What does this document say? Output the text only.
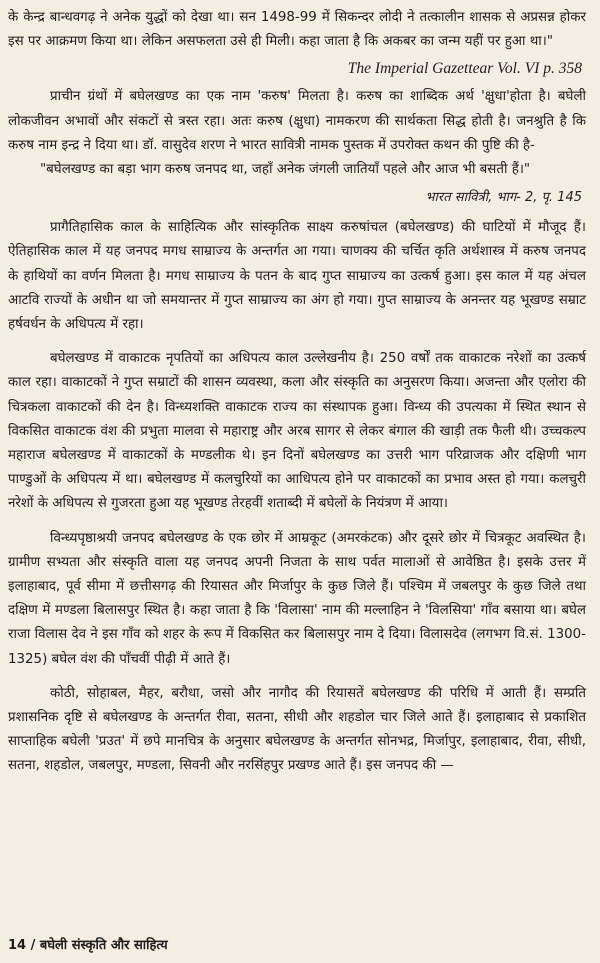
के केन्द्र बान्धवगढ़ ने अनेक युद्धों को देखा था। सन 1498-99 में सिकन्दर लोदी ने तत्कालीन शासक से अप्रसन्न होकर इस पर आक्रमण किया था। लेकिन असफलता उसे ही मिली। कहा जाता है कि अकबर का जन्म यहीं पर हुआ था।"

The Imperial Gazettear Vol. VI p. 358

प्राचीन ग्रंथों में बघेलखण्ड का एक नाम 'करुष' मिलता है। करुष का शाब्दिक अर्थ 'क्षुधा'होता है। बघेली लोकजीवन अभावों और संकटों से त्रस्त रहा। अतः करुष (क्षुधा) नामकरण की सार्थकता सिद्ध होती है। जनश्रुति है कि करुष नाम इन्द्र ने दिया था। डॉ. वासुदेव शरण ने भारत सावित्री नामक पुस्तक में उपरोक्त कथन की पुष्टि की है-

"बघेलखण्ड का बड़ा भाग करुष जनपद था, जहाँ अनेक जंगली जातियाँ पहले और आज भी बसती हैं।"

भारत सावित्री, भाग- 2, पृ. 145

प्रागैतिहासिक काल के साहित्यिक और सांस्कृतिक साक्ष्य करुषांचल (बघेलखण्ड) की घाटियों में मौजूद हैं। ऐतिहासिक काल में यह जनपद मगध साम्राज्य के अन्तर्गत आ गया। चाणक्य की चर्चित कृति अर्थशास्त्र में करुष जनपद के हाथियों का वर्णन मिलता है। मगध साम्राज्य के पतन के बाद गुप्त साम्राज्य का उत्कर्ष हुआ। इस काल में यह अंचल आटवि राज्यों के अधीन था जो समयान्तर में गुप्त साम्राज्य का अंग हो गया। गुप्त साम्राज्य के अनन्तर यह भूखण्ड सम्राट हर्षवर्धन के अधिपत्य में रहा।

बघेलखण्ड में वाकाटक नृपतियों का अधिपत्य काल उल्लेखनीय है। 250 वर्षों तक वाकाटक नरेशों का उत्कर्ष काल रहा। वाकाटकों ने गुप्त सम्राटों की शासन व्यवस्था, कला और संस्कृति का अनुसरण किया। अजन्ता और एलोरा की चित्रकला वाकाटकों की देन है। विन्ध्यशक्ति वाकाटक राज्य का संस्थापक हुआ। विन्ध्य की उपत्यका में स्थित स्थान से विकसित वाकाटक वंश की प्रभुता मालवा से महाराष्ट्र और अरब सागर से लेकर बंगाल की खाड़ी तक फैली थी। उच्चकल्प महाराज बघेलखण्ड में वाकाटकों के मण्डलीक थे। इन दिनों बघेलखण्ड का उत्तरी भाग परिव्राजक और दक्षिणी भाग पाण्डुओं के अधिपत्य में था। बघेलखण्ड में कलचुरियों का आधिपत्य होने पर वाकाटकों का प्रभाव अस्त हो गया। कलचुरी नरेशों के अधिपत्य से गुजरता हुआ यह भूखण्ड तेरहवीं शताब्दी में बघेलों के नियंत्रण में आया।

विन्ध्यपृष्ठाश्रयी जनपद बघेलखण्ड के एक छोर में आम्रकूट (अमरकंटक) और दूसरे छोर में चित्रकूट अवस्थित है। ग्रामीण सभ्यता और संस्कृति वाला यह जनपद अपनी निजता के साथ पर्वत मालाओं से आवेष्ठित है। इसके उत्तर में इलाहाबाद, पूर्व सीमा में छत्तीसगढ़ की रियासत और मिर्जापुर के कुछ जिले हैं। पश्चिम में जबलपुर के कुछ जिले तथा दक्षिण में मण्डला बिलासपुर स्थित है। कहा जाता है कि 'विलासा' नाम की मल्लाहिन ने 'विलसिया' गाँव बसाया था। बघेल राजा विलास देव ने इस गाँव को शहर के रूप में विकसित कर बिलासपुर नाम दे दिया। विलासदेव (लगभग वि.सं. 1300-1325) बघेल वंश की पाँचवीं पीढ़ी में आते हैं।

कोठी, सोहाबल, मैहर, बरौधा, जसो और नागौद की रियासतें बघेलखण्ड की परिधि में आती हैं। सम्प्रति प्रशासनिक दृष्टि से बघेलखण्ड के अन्तर्गत रीवा, सतना, सीधी और शहडोल चार जिले आते हैं। इलाहाबाद से प्रकाशित साप्ताहिक बघेली 'प्रउत' में छपे मानचित्र के अनुसार बघेलखण्ड के अन्तर्गत सोनभद्र, मिर्जापुर, इलाहाबाद, रीवा, सीधी, सतना, शहडोल, जबलपुर, मण्डला, सिवनी और नरसिंहपुर प्रखण्ड आते हैं। इस जनपद की —

14 / बघेली संस्कृति और साहित्य
